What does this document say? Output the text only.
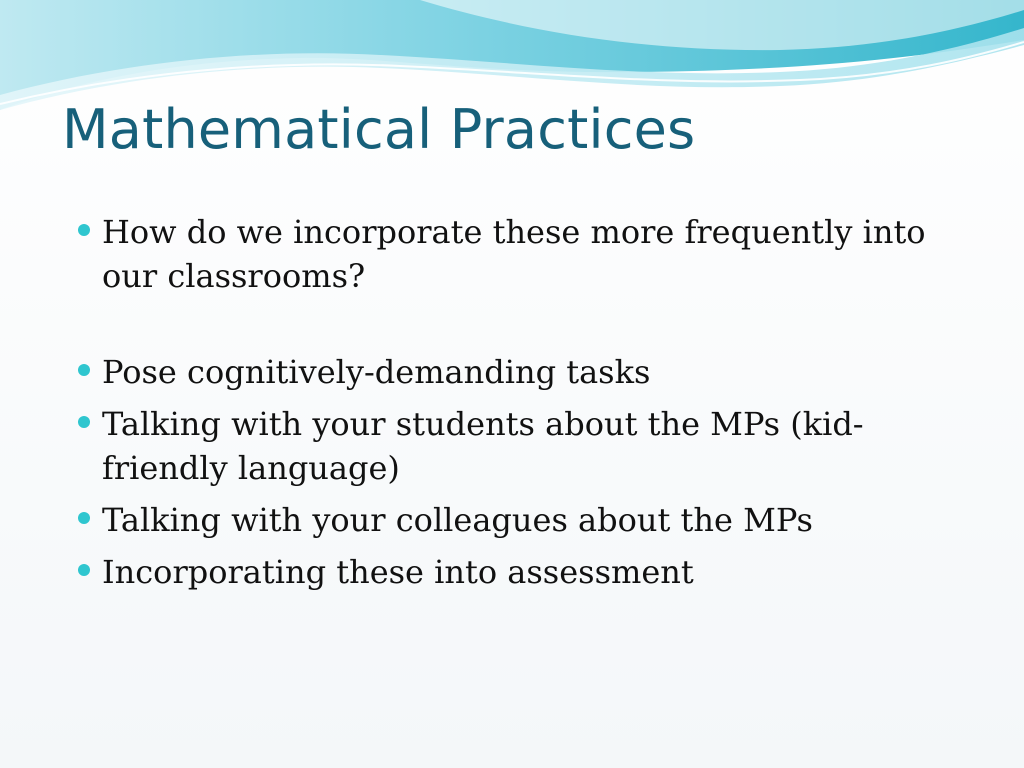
Mathematical Practices
How do we incorporate these more frequently into our classrooms?
Pose cognitively-demanding tasks
Talking with your students about the MPs (kid-friendly language)
Talking with your colleagues about the MPs
Incorporating these into assessment
